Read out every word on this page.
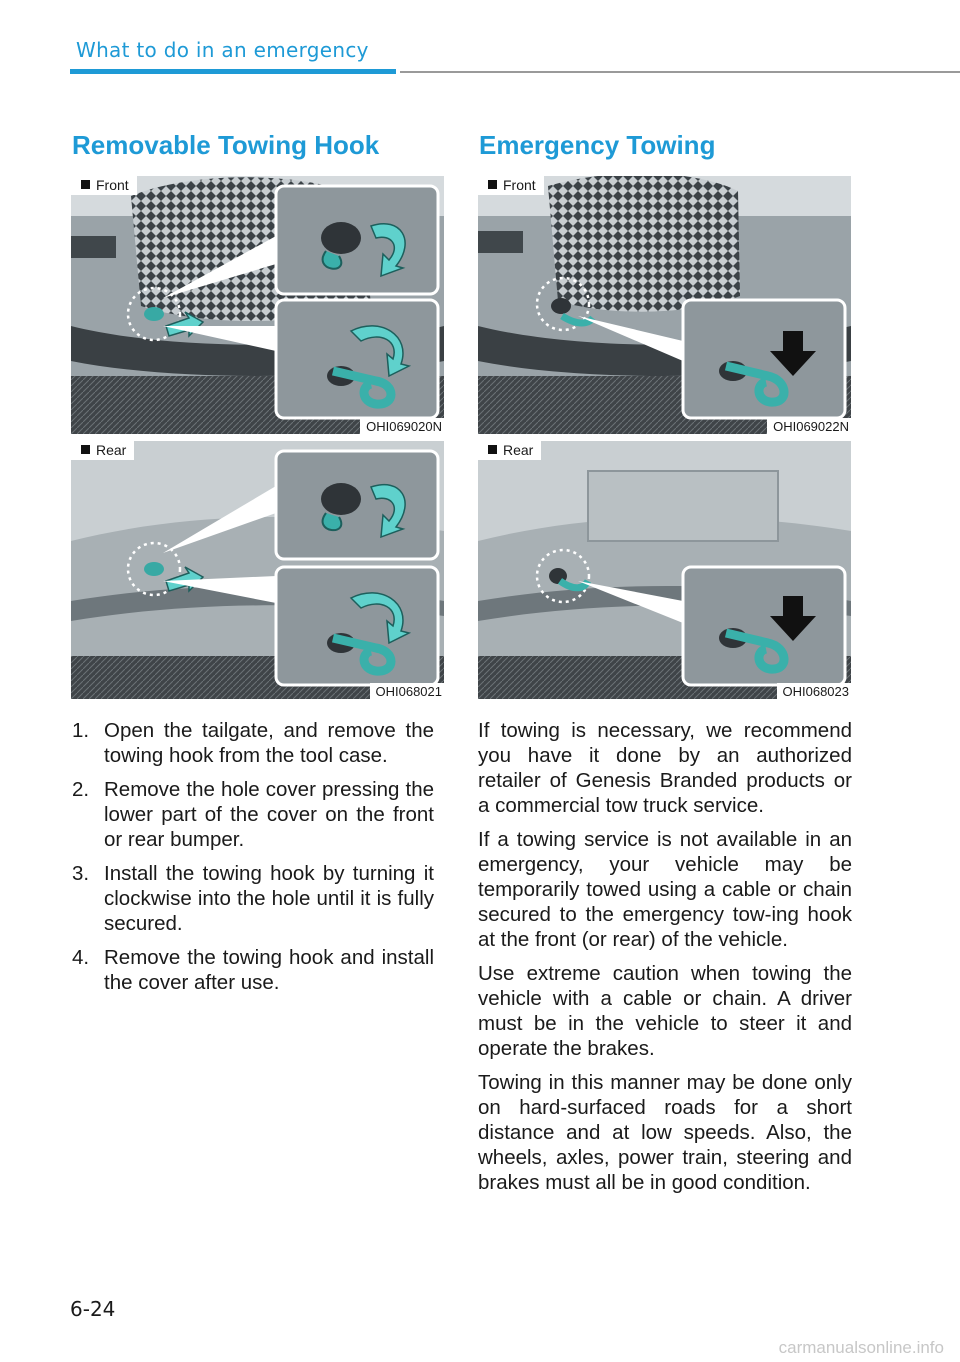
What to do in an emergency
Removable Towing Hook	Emergency Towing
Front
OHI069020N
Rear
OHI068021
Front
OHI069022N
Rear
OHI068023
1. Open the tailgate, and remove the towing hook from the tool case.
2. Remove the hole cover pressing the lower part of the cover on the front or rear bumper.
3. Install the towing hook by turning it clockwise into the hole until it is fully secured.
4. Remove the towing hook and install the cover after use.

If towing is necessary, we recommend you have it done by an authorized retailer of Genesis Branded products or a commercial tow truck service.

If a towing service is not available in an emergency, your vehicle may be temporarily towed using a cable or chain secured to the emergency tow-ing hook at the front (or rear) of the vehicle.

Use extreme caution when towing the vehicle with a cable or chain. A driver must be in the vehicle to steer it and operate the brakes.

Towing in this manner may be done only on hard-surfaced roads for a short distance and at low speeds. Also, the wheels, axles, power train, steering and brakes must all be in good condition.

6-24
carmanualsonline.info
